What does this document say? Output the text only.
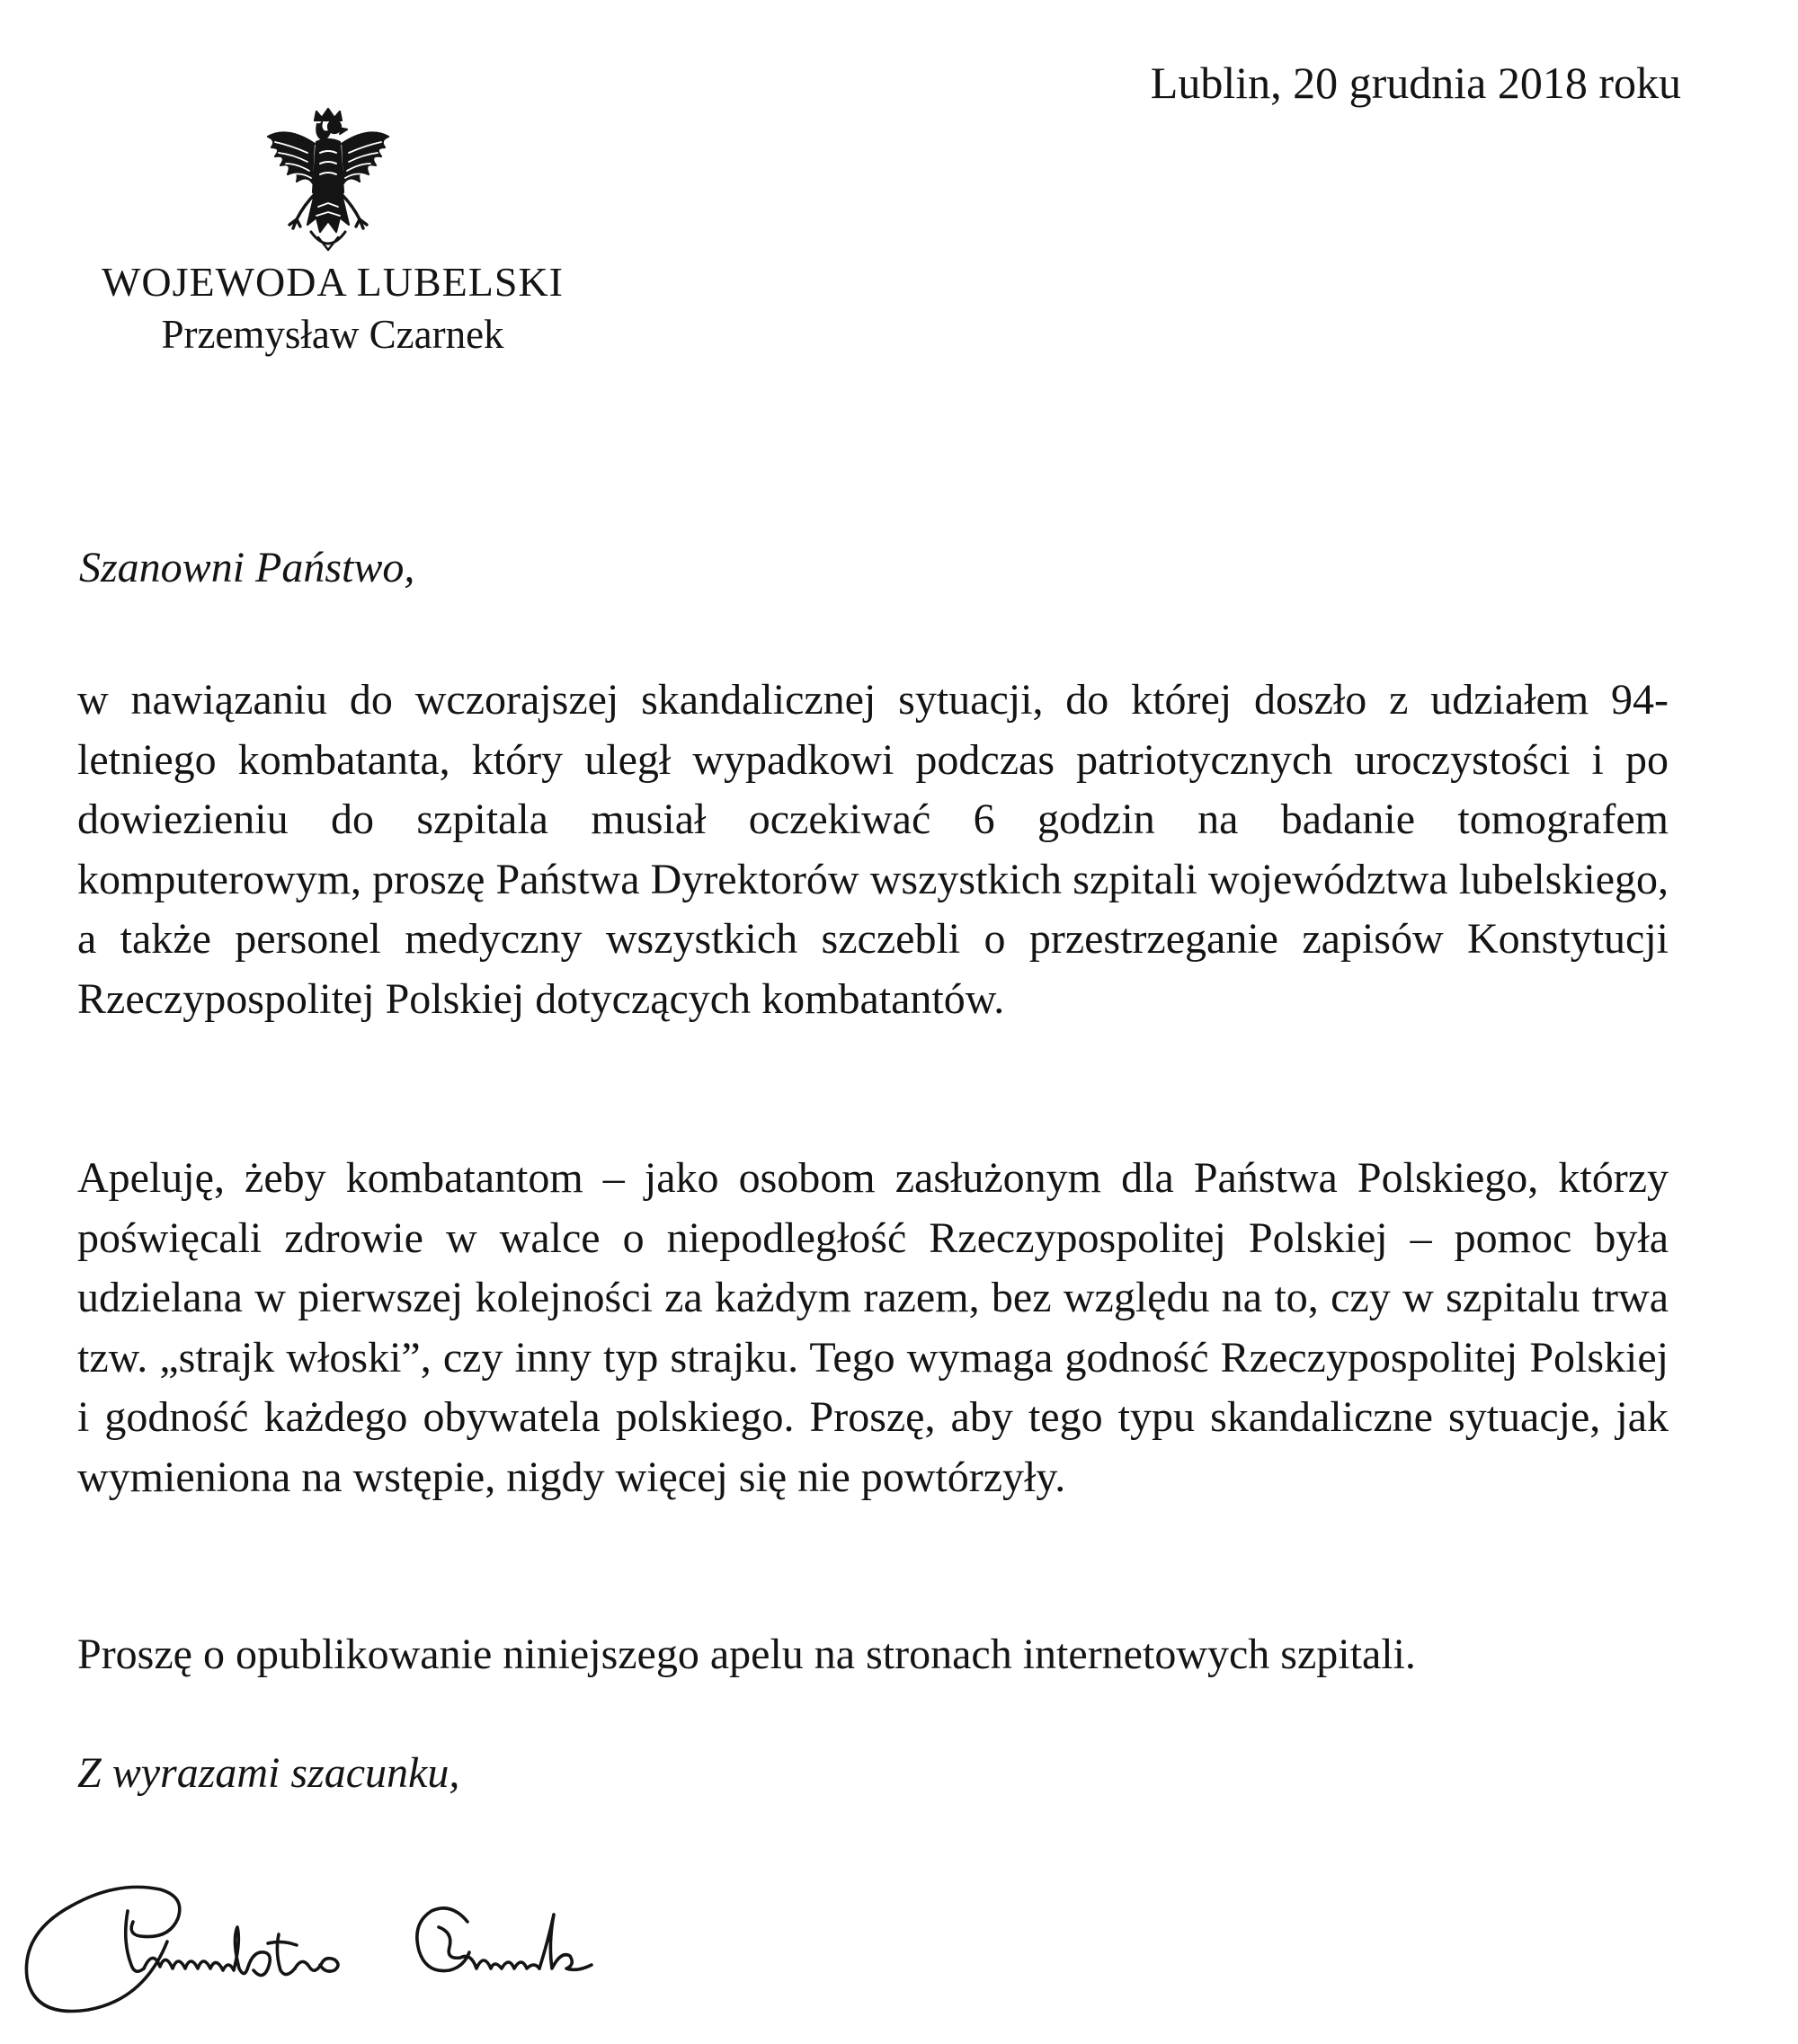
Lublin, 20 grudnia 2018 roku
WOJEWODA LUBELSKI
Przemysław Czarnek
Szanowni Państwo,

w nawiązaniu do wczorajszej skandalicznej sytuacji, do której doszło z udziałem 94-letniego kombatanta, który uległ wypadkowi podczas patriotycznych uroczystości i po dowiezieniu do szpitala musiał oczekiwać 6 godzin na badanie tomografem komputerowym, proszę Państwa Dyrektorów wszystkich szpitali województwa lubelskiego, a także personel medyczny wszystkich szczebli o przestrzeganie zapisów Konstytucji Rzeczypospolitej Polskiej dotyczących kombatantów.

Apeluję, żeby kombatantom – jako osobom zasłużonym dla Państwa Polskiego, którzy poświęcali zdrowie w walce o niepodległość Rzeczypospolitej Polskiej – pomoc była udzielana w pierwszej kolejności za każdym razem, bez względu na to, czy w szpitalu trwa tzw. „strajk włoski”, czy inny typ strajku. Tego wymaga godność Rzeczypospolitej Polskiej i godność każdego obywatela polskiego. Proszę, aby tego typu skandaliczne sytuacje, jak wymieniona na wstępie, nigdy więcej się nie powtórzyły.

Proszę o opublikowanie niniejszego apelu na stronach internetowych szpitali.

Z wyrazami szacunku,
